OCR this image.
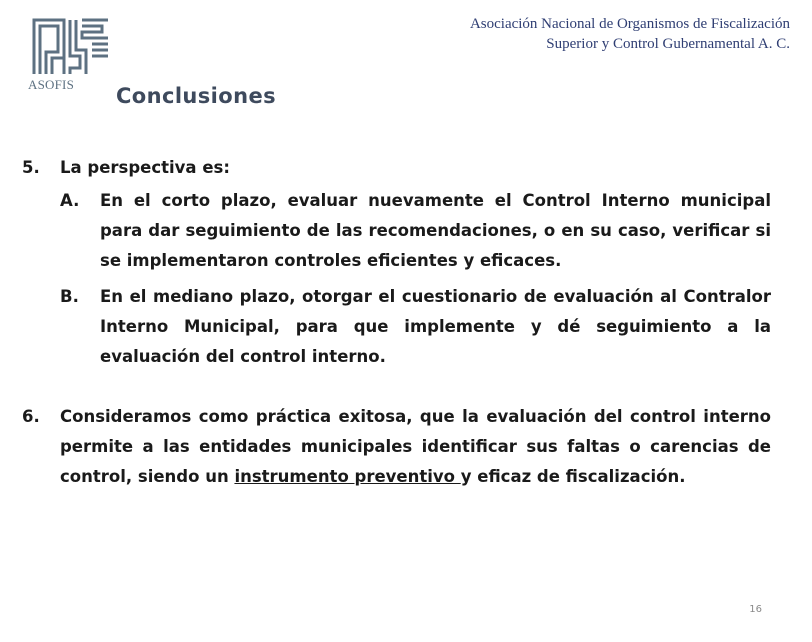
ASOFIS
Asociación Nacional de Organismos de Fiscalización
Superior y Control Gubernamental A. C.
Conclusiones
5.	La perspectiva es:
A.	En el corto plazo, evaluar nuevamente el Control Interno municipal para dar seguimiento de las recomendaciones, o en su caso, verificar si se implementaron controles eficientes y eficaces.
B.	En el mediano plazo, otorgar el cuestionario de evaluación al Contralor Interno Municipal, para que implemente y dé seguimiento a la evaluación del control interno.
6.	Consideramos como práctica exitosa, que la evaluación del control interno permite a las entidades municipales identificar sus faltas o carencias de control, siendo un instrumento preventivo y eficaz de fiscalización.
16
